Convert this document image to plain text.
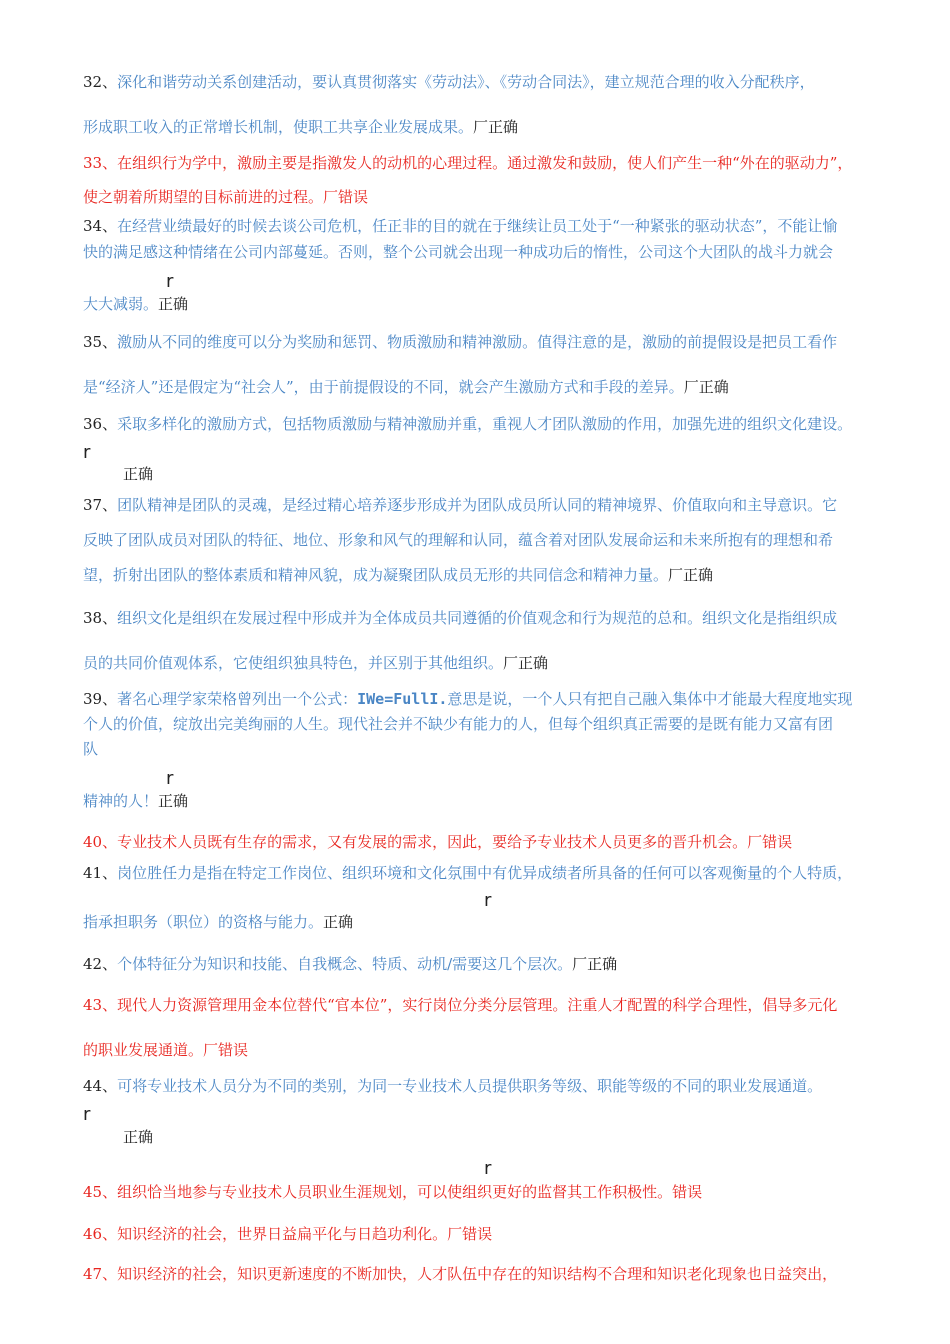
32、深化和谐劳动关系创建活动，要认真贯彻落实《劳动法》、《劳动合同法》，建立规范合理的收入分配秩序，
形成职工收入的正常增长机制，使职工共享企业发展成果。厂正确
33、在组织行为学中，激励主要是指激发人的动机的心理过程。通过激发和鼓励，使人们产生一种“外在的驱动力”，
使之朝着所期望的目标前进的过程。厂错误
34、在经营业绩最好的时候去谈公司危机，任正非的目的就在于继续让员工处于“一种紧张的驱动状态”，不能让愉
快的满足感这种情绪在公司内部蔓延。否则，整个公司就会出现一种成功后的惰性，公司这个大团队的战斗力就会
r
大大减弱。正确
35、激励从不同的维度可以分为奖励和惩罚、物质激励和精神激励。值得注意的是，激励的前提假设是把员工看作
是“经济人”还是假定为“社会人”，由于前提假设的不同，就会产生激励方式和手段的差异。厂正确
36、采取多样化的激励方式，包括物质激励与精神激励并重，重视人才团队激励的作用，加强先进的组织文化建设。
r
正确
37、团队精神是团队的灵魂，是经过精心培养逐步形成并为团队成员所认同的精神境界、价值取向和主导意识。它
反映了团队成员对团队的特征、地位、形象和风气的理解和认同，蕴含着对团队发展命运和未来所抱有的理想和希
望，折射出团队的整体素质和精神风貌，成为凝聚团队成员无形的共同信念和精神力量。厂正确
38、组织文化是组织在发展过程中形成并为全体成员共同遵循的价值观念和行为规范的总和。组织文化是指组织成
员的共同价值观体系，它使组织独具特色，并区别于其他组织。厂正确
39、著名心理学家荣格曾列出一个公式：IWe=FullI.意思是说，一个人只有把自己融入集体中才能最大程度地实现
个人的价值，绽放出完美绚丽的人生。现代社会并不缺少有能力的人，但每个组织真正需要的是既有能力又富有团
队
r
精神的人！正确
40、专业技术人员既有生存的需求，又有发展的需求，因此，要给予专业技术人员更多的晋升机会。厂错误
41、岗位胜任力是指在特定工作岗位、组织环境和文化氛围中有优异成绩者所具备的任何可以客观衡量的个人特质，
r
指承担职务（职位）的资格与能力。正确
42、个体特征分为知识和技能、自我概念、特质、动机/需要这几个层次。厂正确
43、现代人力资源管理用金本位替代“官本位”，实行岗位分类分层管理。注重人才配置的科学合理性，倡导多元化
的职业发展通道。厂错误
44、可将专业技术人员分为不同的类别，为同一专业技术人员提供职务等级、职能等级的不同的职业发展通道。
r
正确
r
45、组织恰当地参与专业技术人员职业生涯规划，可以使组织更好的监督其工作积极性。错误
46、知识经济的社会，世界日益扁平化与日趋功利化。厂错误
47、知识经济的社会，知识更新速度的不断加快，人才队伍中存在的知识结构不合理和知识老化现象也日益突出，
